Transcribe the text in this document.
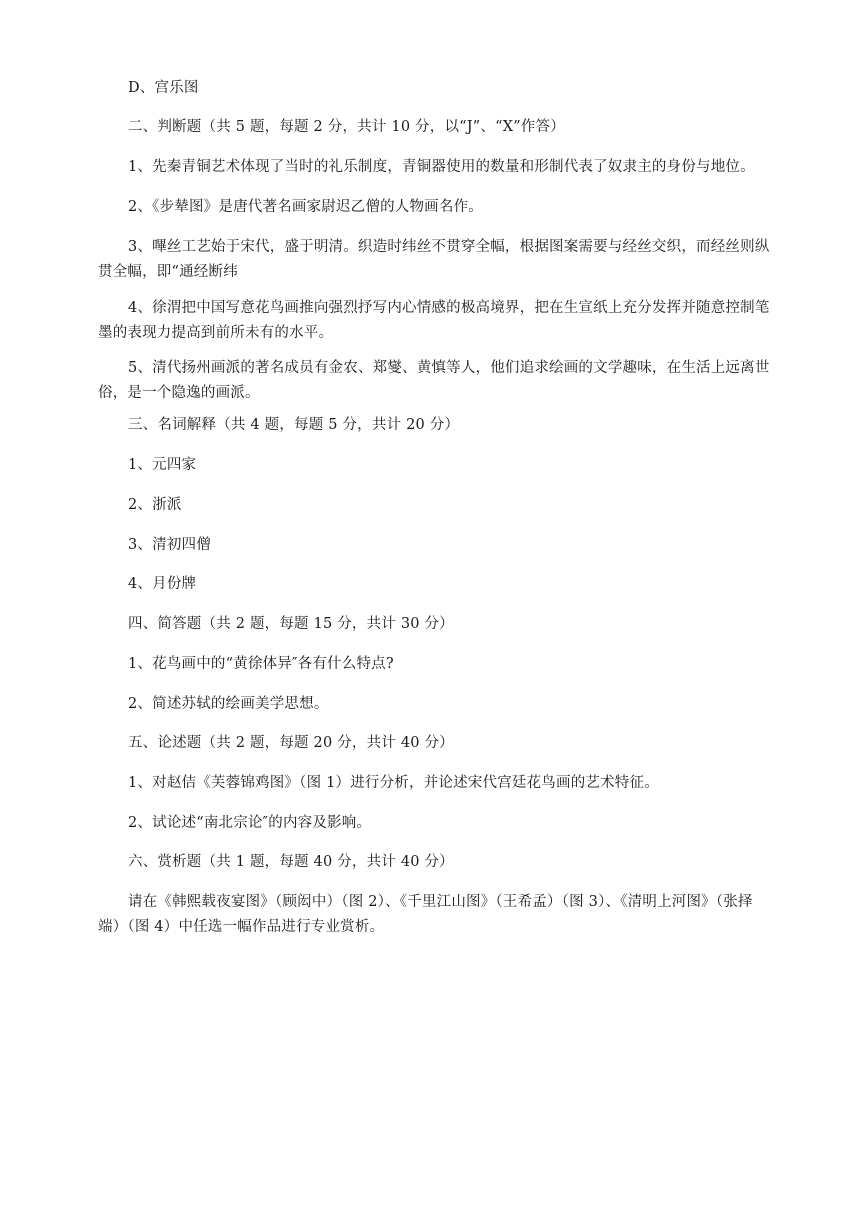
D、宫乐图
二、判断题（共 5 题，每题 2 分，共计 10 分，以“J”、“X”作答）
1、先秦青铜艺术体现了当时的礼乐制度，青铜器使用的数量和形制代表了奴隶主的身份与地位。
2、《步辇图》是唐代著名画家尉迟乙僧的人物画名作。
3、嗶丝工艺始于宋代，盛于明清。织造时纬丝不贯穿全幅，根据图案需要与经丝交织，而经丝则纵贯全幅，即“通经断纬
4、徐渭把中国写意花鸟画推向强烈抒写内心情感的极高境界，把在生宣纸上充分发挥并随意控制笔墨的表现力提高到前所未有的水平。
5、清代扬州画派的著名成员有金农、郑燮、黄慎等人，他们追求绘画的文学趣味，在生活上远离世俗，是一个隐逸的画派。
三、名词解释（共 4 题，每题 5 分，共计 20 分）
1、元四家
2、浙派
3、清初四僧
4、月份牌
四、简答题（共 2 题，每题 15 分，共计 30 分）
1、花鸟画中的“黄徐体异″各有什么特点?
2、简述苏轼的绘画美学思想。
五、论述题（共 2 题，每题 20 分，共计 40 分）
1、对赵佶《芙蓉锦鸡图》（图 1）进行分析，并论述宋代宫廷花鸟画的艺术特征。
2、试论述“南北宗论″的内容及影响。
六、赏析题（共 1 题，每题 40 分，共计 40 分）
请在《韩熙载夜宴图》（顾闳中）（图 2）、《千里江山图》（王希孟）（图 3）、《清明上河图》（张择端）（图 4）中任选一幅作品进行专业赏析。
